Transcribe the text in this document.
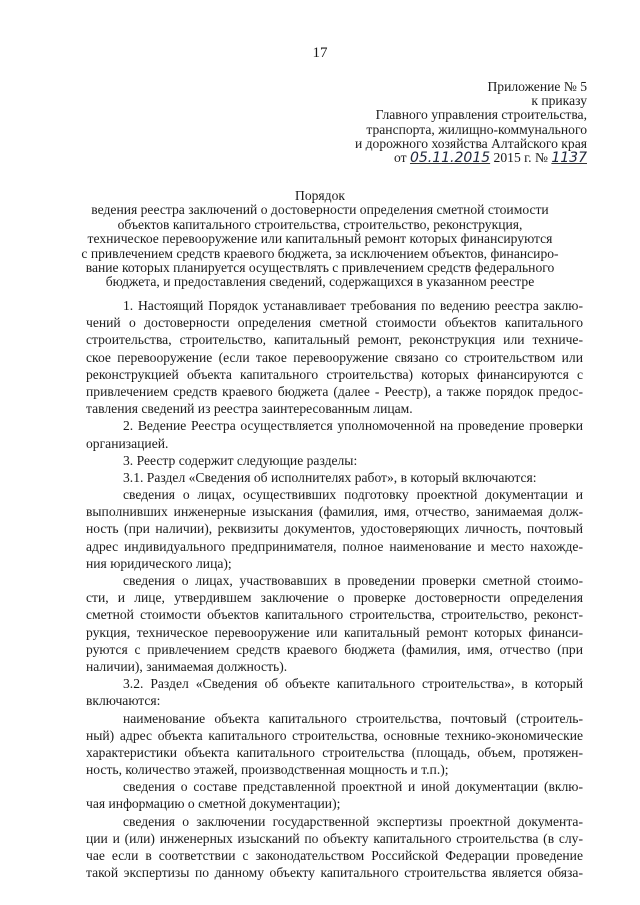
17
Приложение № 5
к приказу
Главного управления строительства,
транспорта, жилищно-коммунального
и дорожного хозяйства Алтайского края
от 05.11.2015 2015 г. № 1137
Порядок
ведения реестра заключений о достоверности определения сметной стоимости
объектов капитального строительства, строительство, реконструкция,
техническое перевооружение или капитальный ремонт которых финансируются
с привлечением средств краевого бюджета, за исключением объектов, финансиро-
вание которых планируется осуществлять с привлечением средств федерального
бюджета, и предоставления сведений, содержащихся в указанном реестре
1. Настоящий Порядок устанавливает требования по ведению реестра заклю-
чений о достоверности определения сметной стоимости объектов капитального
строительства, строительство, капитальный ремонт, реконструкция или техниче-
ское перевооружение (если такое перевооружение связано со строительством или
реконструкцией объекта капитального строительства) которых финансируются с
привлечением средств краевого бюджета (далее - Реестр), а также порядок предос-
тавления сведений из реестра заинтересованным лицам.
2. Ведение Реестра осуществляется уполномоченной на проведение проверки
организацией.
3. Реестр содержит следующие разделы:
3.1. Раздел «Сведения об исполнителях работ», в который включаются:
сведения о лицах, осуществивших подготовку проектной документации и
выполнивших инженерные изыскания (фамилия, имя, отчество, занимаемая долж-
ность (при наличии), реквизиты документов, удостоверяющих личность, почтовый
адрес индивидуального предпринимателя, полное наименование и место нахожде-
ния юридического лица);
сведения о лицах, участвовавших в проведении проверки сметной стоимо-
сти, и лице, утвердившем заключение о проверке достоверности определения
сметной стоимости объектов капитального строительства, строительство, реконст-
рукция, техническое перевооружение или капитальный ремонт которых финанси-
руются с привлечением средств краевого бюджета (фамилия, имя, отчество (при
наличии), занимаемая должность).
3.2. Раздел «Сведения об объекте капитального строительства», в который
включаются:
наименование объекта капитального строительства, почтовый (строитель-
ный) адрес объекта капитального строительства, основные технико-экономические
характеристики объекта капитального строительства (площадь, объем, протяжен-
ность, количество этажей, производственная мощность и т.п.);
сведения о составе представленной проектной и иной документации (вклю-
чая информацию о сметной документации);
сведения о заключении государственной экспертизы проектной документа-
ции и (или) инженерных изысканий по объекту капитального строительства (в слу-
чае если в соответствии с законодательством Российской Федерации проведение
такой экспертизы по данному объекту капитального строительства является обяза-
